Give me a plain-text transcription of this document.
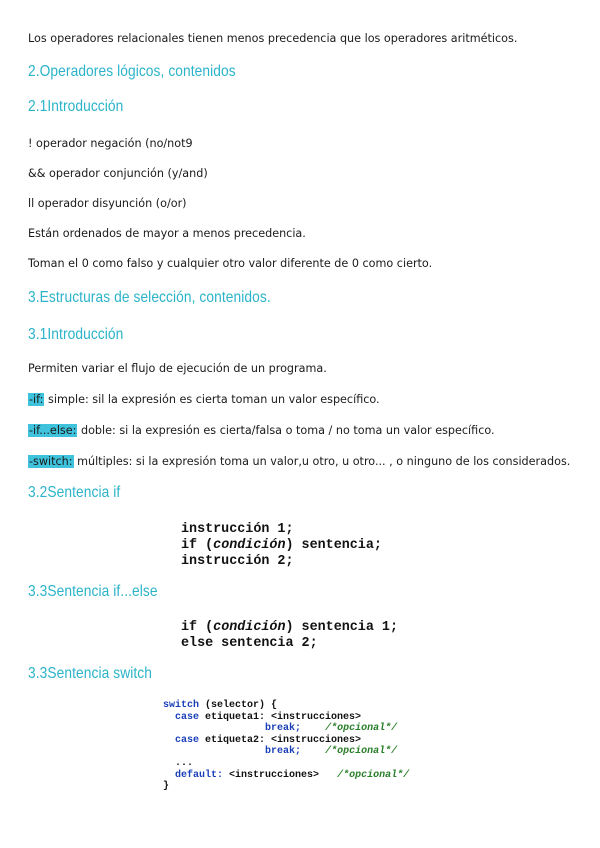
Los operadores relacionales tienen menos precedencia que los operadores aritméticos.
2.Operadores lógicos, contenidos
2.1Introducción
! operador negación (no/not9
&& operador conjunción (y/and)
ll operador disyunción (o/or)
Están ordenados de mayor a menos precedencia.
Toman el 0 como falso y cualquier otro valor diferente de 0 como cierto.
3.Estructuras de selección, contenidos.
3.1Introducción
Permiten variar el flujo de ejecución de un programa.
-if: simple: sil la expresión es cierta toman un valor específico.
-if...else: doble: si la expresión es cierta/falsa o toma / no toma un valor específico.
-switch: múltiples: si la expresión toma un valor,u otro, u otro... , o ninguno de los considerados.
3.2Sentencia if
instrucción 1;
if (condición) sentencia;
instrucción 2;
3.3Sentencia if...else
if (condición) sentencia 1;
else sentencia 2;
3.3Sentencia switch
switch (selector) {
case etiqueta1: <instrucciones>
break; /*opcional*/
case etiqueta2: <instrucciones>
break; /*opcional*/
...
default: <instrucciones> /*opcional*/
}
